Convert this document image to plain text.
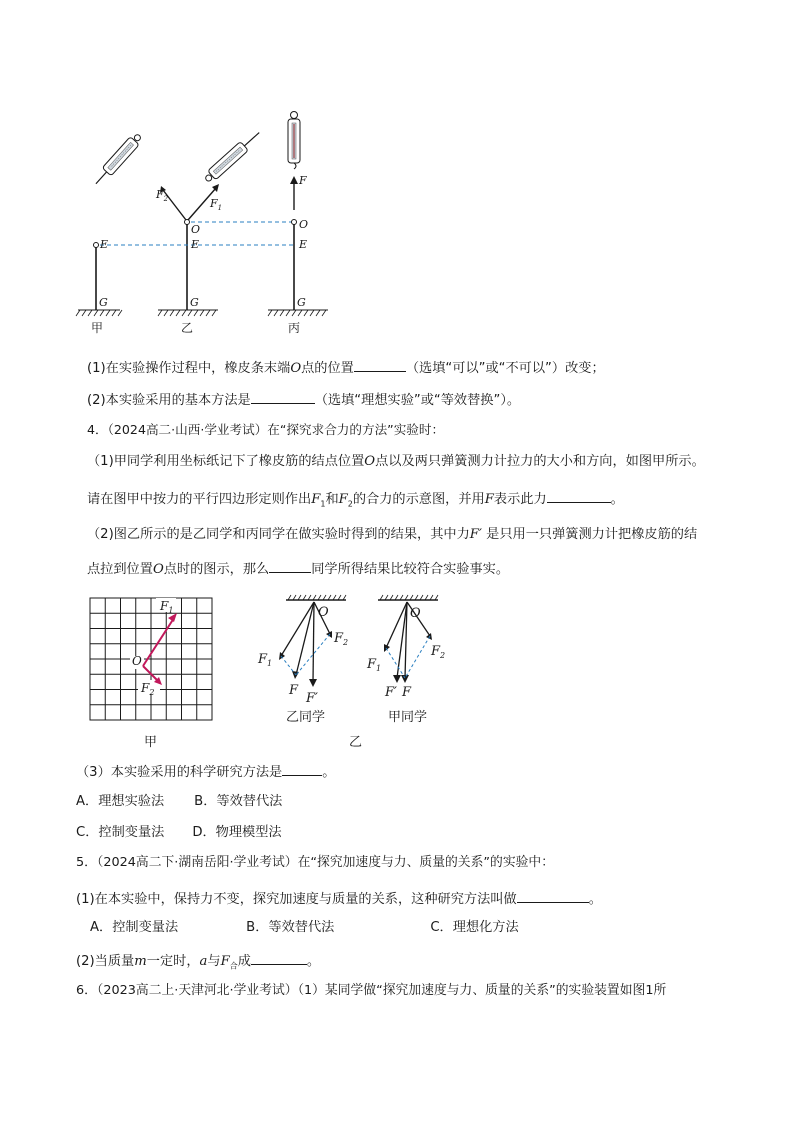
$F_2$	$F_1$
O
E
E
O
E
F
G	G	G
甲	乙	丙
(1)在实验操作过程中，橡皮条末端O点的位置	（选填“可以”或“不可以”）改变；
(2)本实验采用的基本方法是	（选填“理想实验”或“等效替换”）。
4．（2024高二·山西·学业考试）在“探究求合力的方法”实验时：
（1)甲同学利用坐标纸记下了橡皮筋的结点位置O点以及两只弹簧测力计拉力的大小和方向，如图甲所示。
请在图甲中按力的平行四边形定则作出$F_1$和$F_2$的合力的示意图，并用F表示此力	。
（2)图乙所示的是乙同学和丙同学在做实验时得到的结果，其中力F′ 是只用一只弹簧测力计把橡皮筋的结
点拉到位置O点时的图示，那么	同学所得结果比较符合实验事实。
O
$F_1$
$F_2$
甲
O
$F_1$
$F_2$
F
F′
O
$F_1$
$F_2$
F′ F
乙同学	甲同学
乙
（3）本实验采用的科学研究方法是	。
A．理想实验法 B．等效替代法
C．控制变量法 D．物理模型法
5．（2024高二下·湖南岳阳·学业考试）在“探究加速度与力、质量的关系”的实验中：
(1)在本实验中，保持力不变，探究加速度与质量的关系，这种研究方法叫做	。
A．控制变量法	B．等效替代法	C．理想化方法
(2)当质量m一定时，a与$F_合$成	。
6．（2023高二上·天津河北·学业考试）（1）某同学做“探究加速度与力、质量的关系”的实验装置如图1所
